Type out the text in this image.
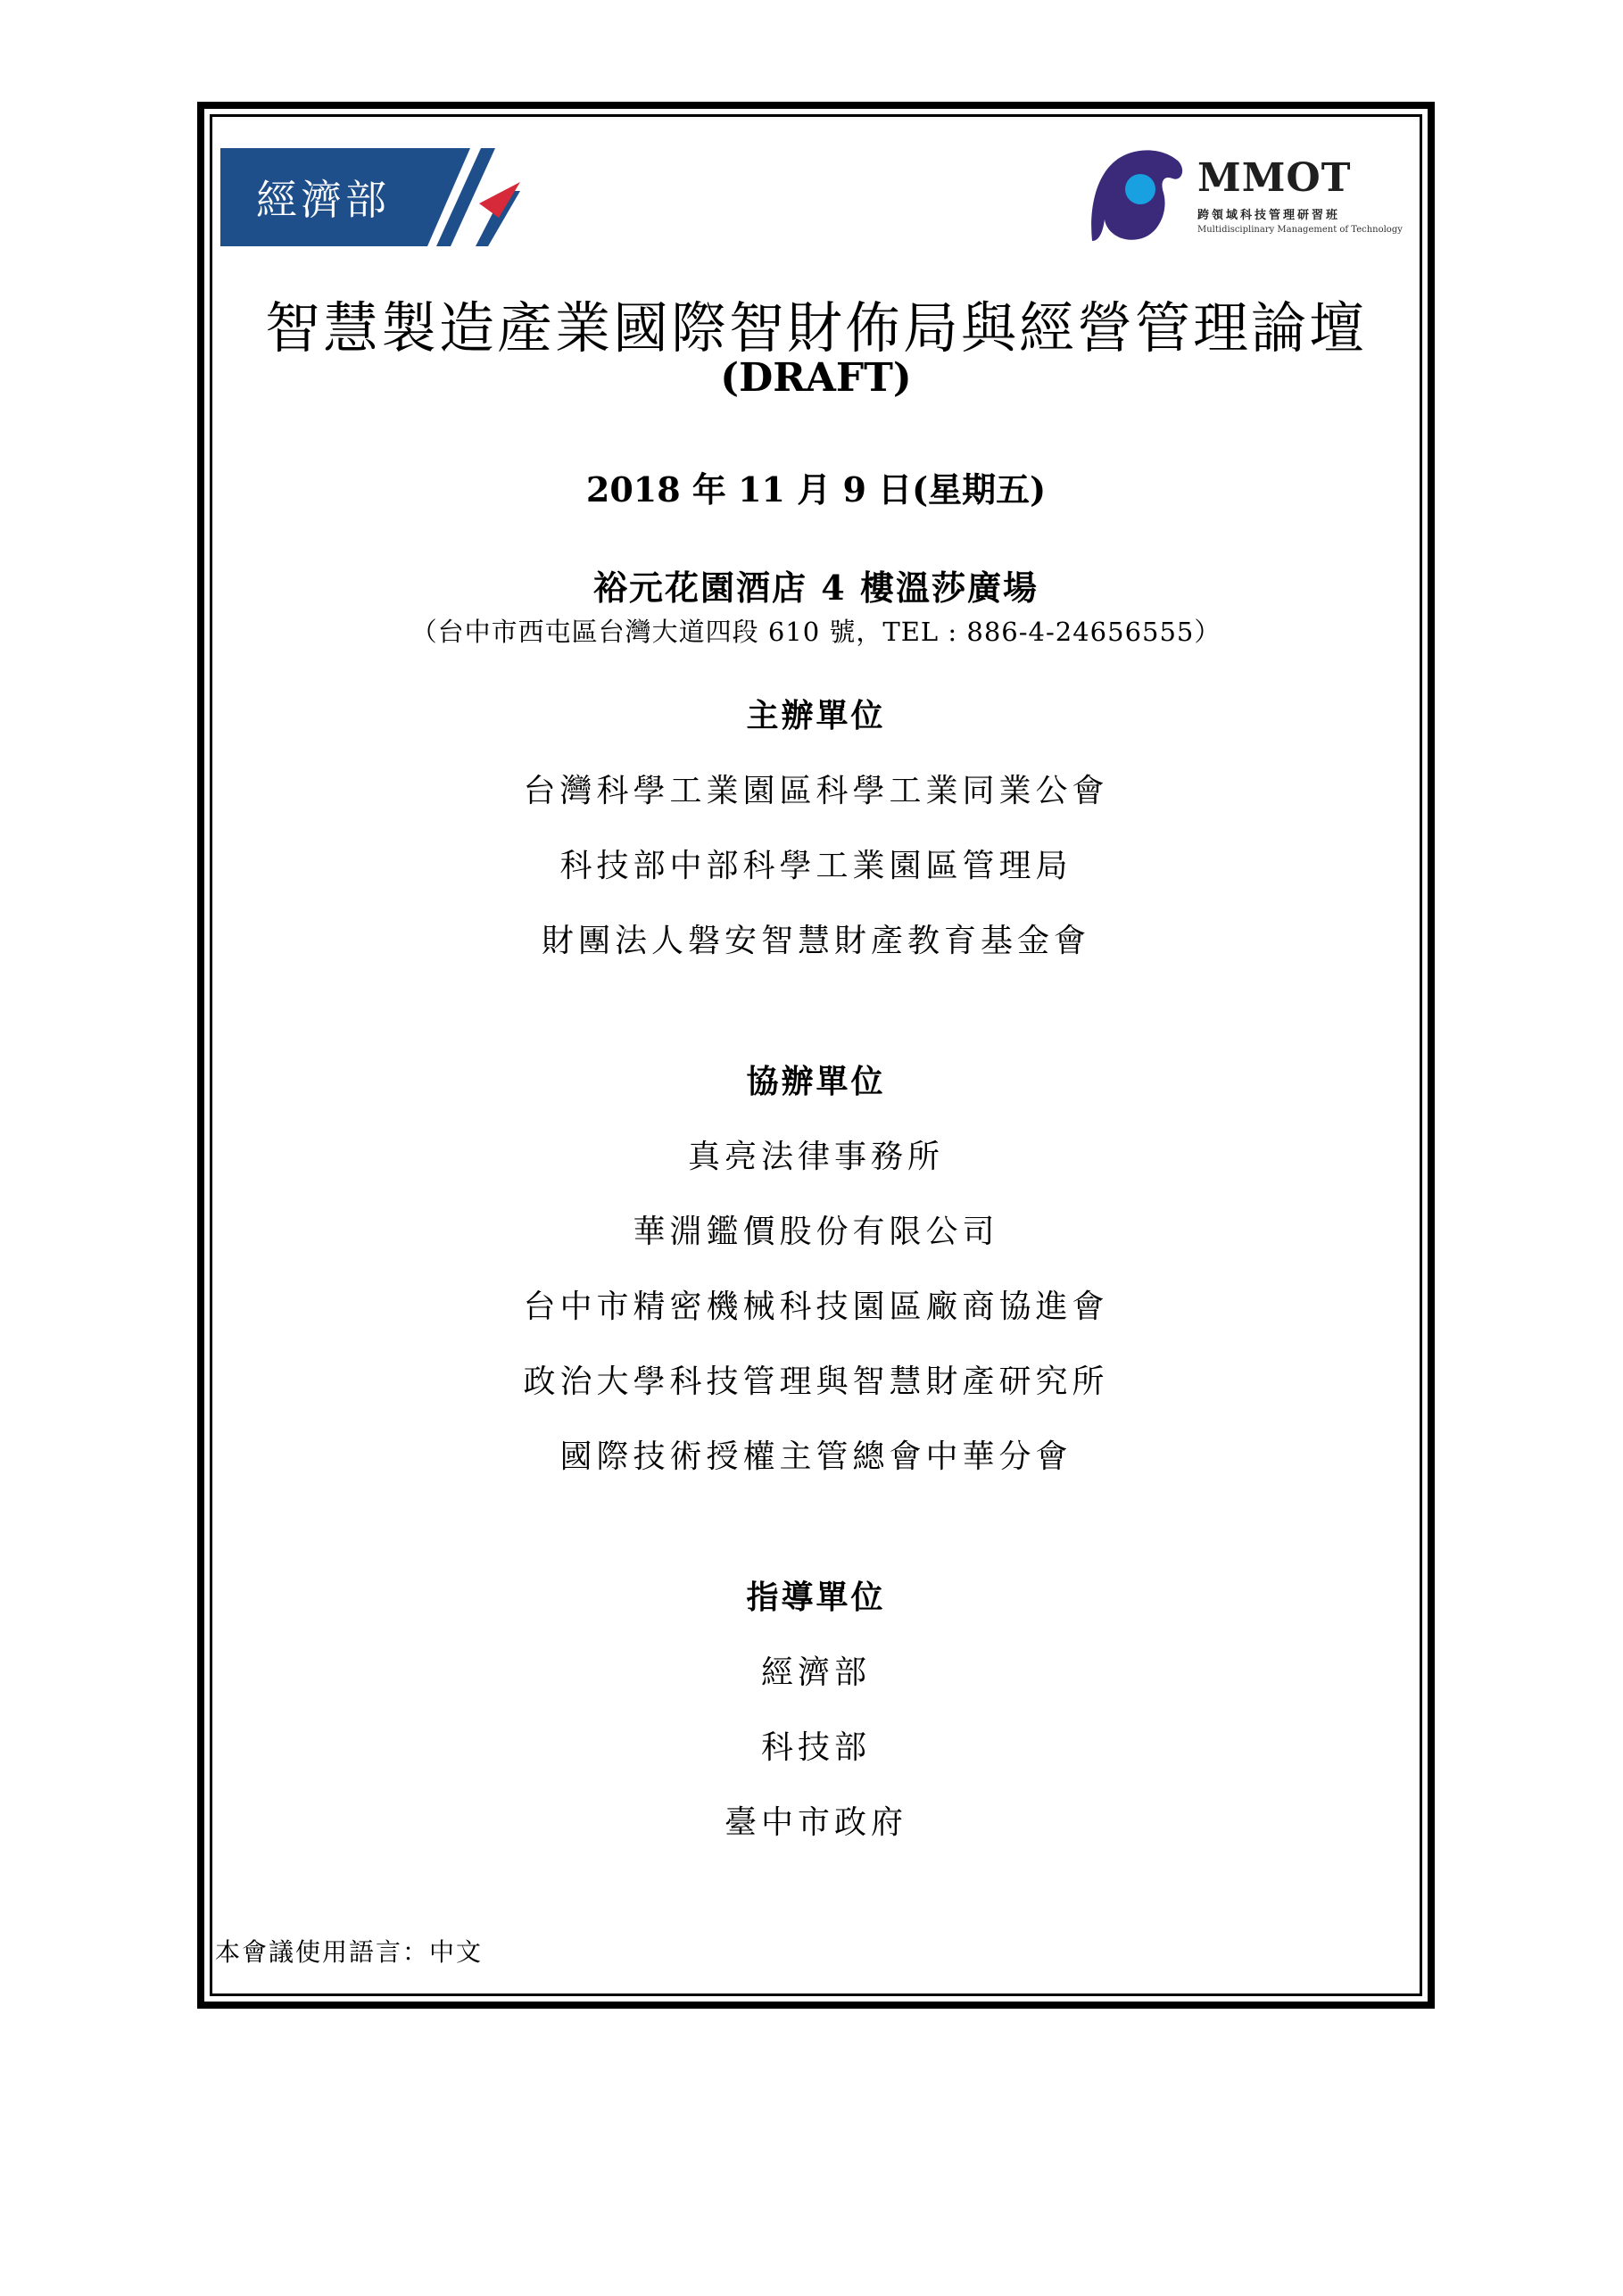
經濟部	MMOT
跨領域科技管理研習班
Multidisciplinary Management of Technology
智慧製造產業國際智財佈局與經營管理論壇
(DRAFT)
2018 年 11 月 9 日(星期五)
裕元花園酒店 4 樓溫莎廣場
（台中市西屯區台灣大道四段 610 號，TEL : 886-4-24656555）
主辦單位
台灣科學工業園區科學工業同業公會
科技部中部科學工業園區管理局
財團法人磐安智慧財產教育基金會
協辦單位
真亮法律事務所
華淵鑑價股份有限公司
台中市精密機械科技園區廠商協進會
政治大學科技管理與智慧財產研究所
國際技術授權主管總會中華分會
指導單位
經濟部
科技部
臺中市政府
本會議使用語言：中文
